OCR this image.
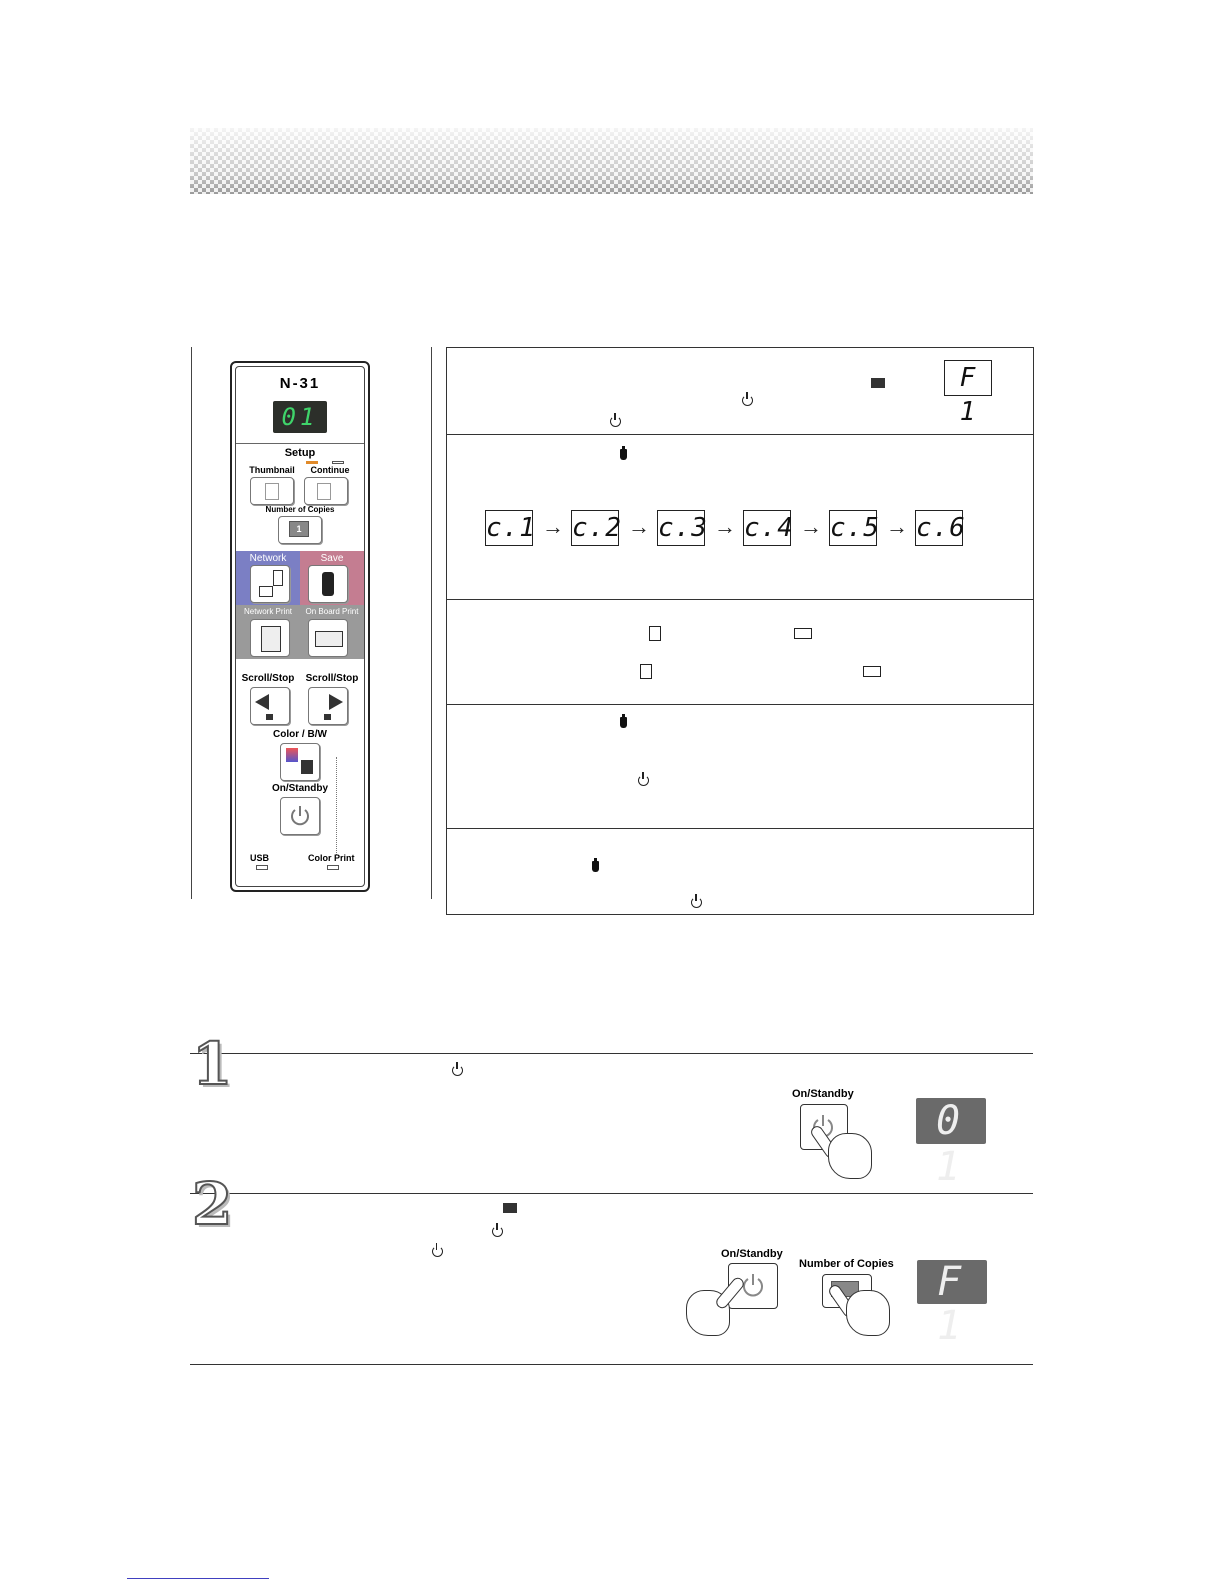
N-31
01
Setup
Thumbnail	Continue
Number of Copies
1
Network	Save
Network Print	On Board Print
Scroll/Stop	Scroll/Stop
Color / B/W
On/Standby
USB	Color Print
F 1

c.1 → c.2 → c.3 → c.4 → c.5 → c.6

1
	On/Standby
0 1
2

On/Standby
Number of Copies	F 1
